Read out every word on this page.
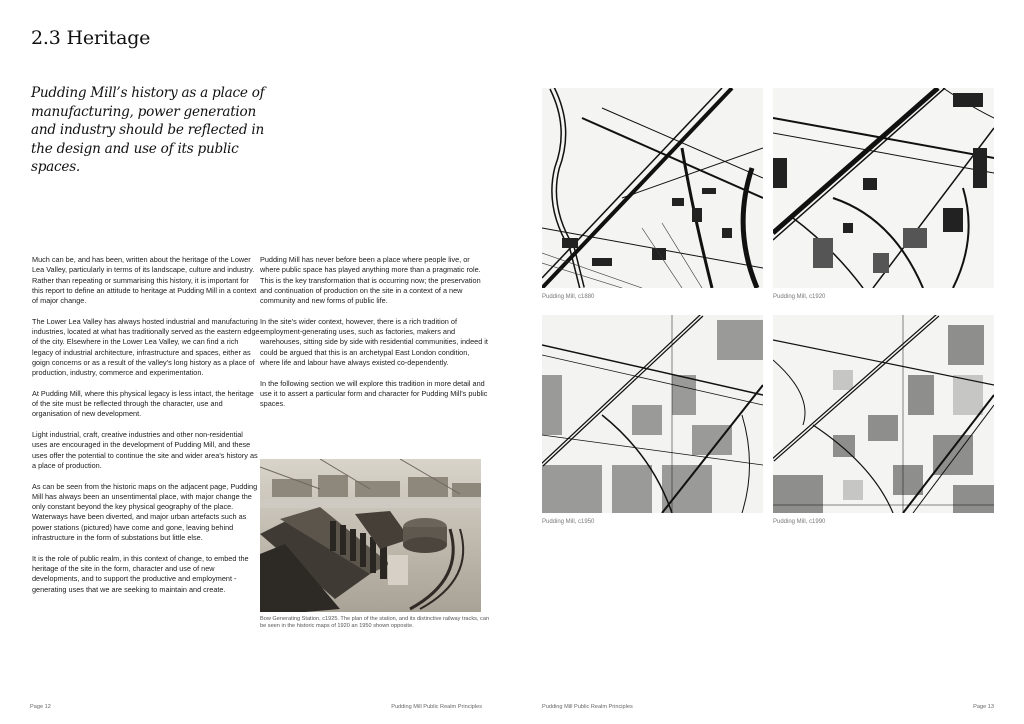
2.3 Heritage

Pudding Mill’s history as a place of manufacturing, power generation and industry should be reflected in the design and use of its public spaces.

Much can be, and has been, written about the heritage of the Lower Lea Valley, particularly in terms of its landscape, culture and industry. Rather than repeating or summarising this history, it is important for this report to define an attitude to heritage at Pudding Mill in a context of major change.

The Lower Lea Valley has always hosted industrial and manufacturing industries, located at what has traditionally served as the eastern edge of the city. Elsewhere in the Lower Lea Valley, we can find a rich legacy of industrial architecture, infrastructure and spaces, either as goign concerns or as a result of the valley’s long history as a place of production, industry, commerce and experimentation.

At Pudding Mill, where this physical legacy is less intact, the heritage of the site must be reflected through the character, use and organisation of new development.

Light industrial, craft, creative industries and other non-residential uses are encouraged in the development of Pudding Mill, and these uses offer the potential to continue the site and wider area’s history as a place of production.

As can be seen from the historic maps on the adjacent page, Pudding Mill has always been an unsentimental place, with major change the only constant beyond the key physical geography of the place. Waterways have been diverted, and major urban artefacts such as power stations (pictured) have come and gone, leaving behind infrastructure in the form of substations but little else.

It is the role of public realm, in this context of change, to embed the heritage of the site in the form, character and use of new developments, and to support the productive and employment -generating uses that we are seeking to maintain and create.

Pudding Mill has never before been a place where people live, or where public space has played anything more than a pragmatic role. This is the key transformation that is occurring now; the preservation and continuation of production on the site in a context of a new community and new forms of public life.

In the site’s wider context, however, there is a rich tradition of employment-generating uses, such as factories, makers and warehouses, sitting side by side with residential communities, indeed it could be argued that this is an archetypal East London condition, where life and labour have always existed co-dependently.

In the following section we will explore this tradition in more detail and use it to assert a particular form and character for Pudding Mill’s public spaces.

Bow Generating Station, c1925. The plan of the station, and its distinctive railway tracks, can be seen in the historic maps of 1920 an 1950 shown opposite.

Page 12	Pudding Mill Public Realm Principles

Pudding Mill, c1880	Pudding Mill, c1920

Pudding Mill, c1950	Pudding Mill, c1990

Pudding Mill Public Realm Principles	Page 13
